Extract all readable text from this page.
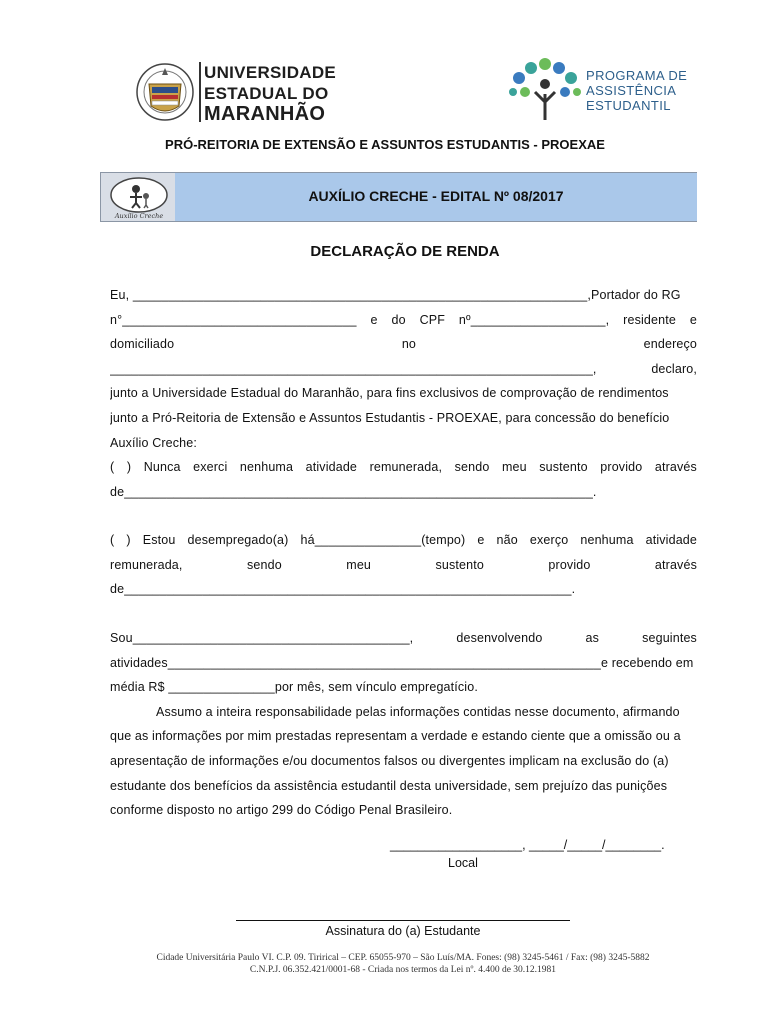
UNIVERSIDADE
ESTADUAL DO
MARANHÃO
PROGRAMA DE
ASSISTÊNCIA
ESTUDANTIL
PRÓ-REITORIA DE EXTENSÃO E ASSUNTOS ESTUDANTIS - PROEXAE
Auxílio Creche
AUXÍLIO CRECHE - EDITAL Nº 08/2017
DECLARAÇÃO DE RENDA
Eu, ________________________________________________________________,Portador do RG
n°_________________________________ e do CPF nº___________________, residente e
domiciliado	no	endereço
____________________________________________________________________,	declaro,
junto a Universidade Estadual do Maranhão, para fins exclusivos de comprovação de rendimentos
junto a Pró-Reitoria de Extensão e Assuntos Estudantis - PROEXAE, para concessão do benefício
Auxílio Creche:
( ) Nunca exerci nenhuma atividade remunerada, sendo meu sustento provido através
de__________________________________________________________________.
( ) Estou desempregado(a) há_______________(tempo) e não exerço nenhuma atividade
remunerada,	sendo	meu	sustento	provido	através
de_______________________________________________________________.
Sou_______________________________________,	desenvolvendo	as	seguintes
atividades_____________________________________________________________e recebendo em
média R$ _______________por mês, sem vínculo empregatício.
Assumo a inteira responsabilidade pelas informações contidas nesse documento, afirmando
que as informações por mim prestadas representam a verdade e estando ciente que a omissão ou a
apresentação de informações e/ou documentos falsos ou divergentes implicam na exclusão do (a)
estudante dos benefícios da assistência estudantil desta universidade, sem prejuízo das punições
conforme disposto no artigo 299 do Código Penal Brasileiro.
___________________, _____/_____/________.
Local
Assinatura do (a) Estudante
Cidade Universitária Paulo VI. C.P. 09. Tirirical – CEP. 65055-970 – São Luís/MA. Fones: (98) 3245-5461 / Fax: (98) 3245-5882
C.N.P.J. 06.352.421/0001-68 - Criada nos termos da Lei nº. 4.400 de 30.12.1981
